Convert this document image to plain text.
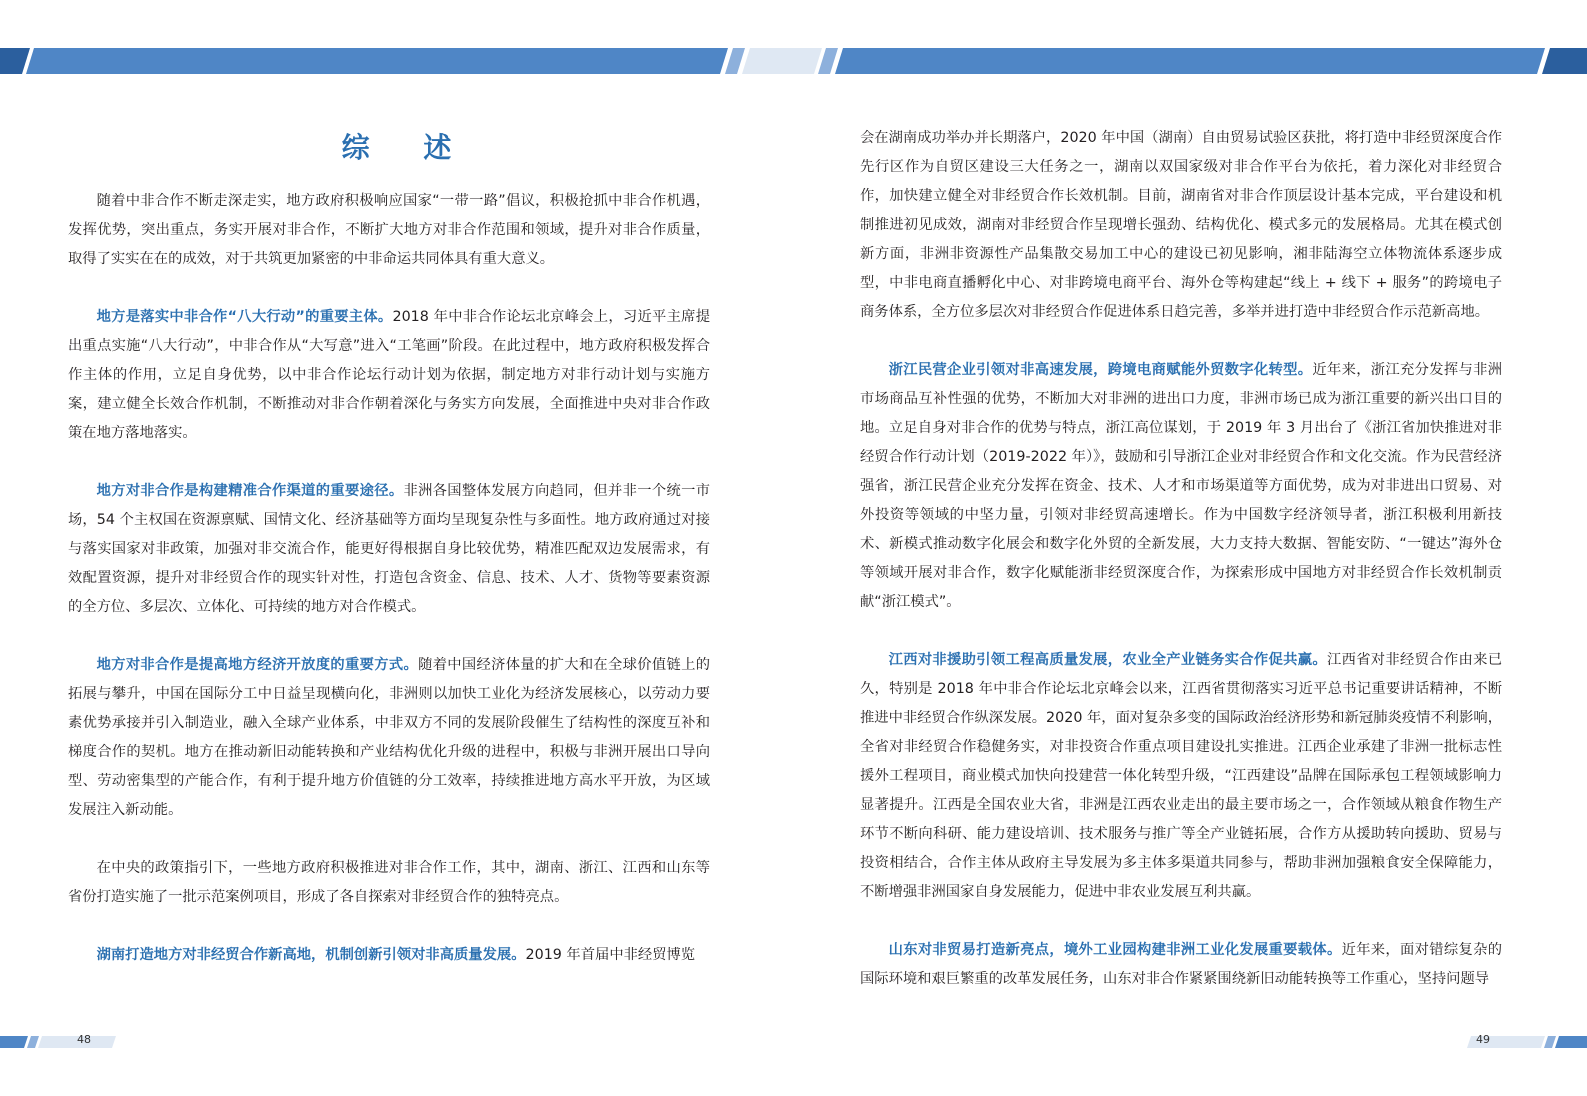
综 述

随着中非合作不断走深走实，地方政府积极响应国家“一带一路”倡议，积极抢抓中非合作机遇，发挥优势，突出重点，务实开展对非合作，不断扩大地方对非合作范围和领域，提升对非合作质量，取得了实实在在的成效，对于共筑更加紧密的中非命运共同体具有重大意义。

地方是落实中非合作“八大行动”的重要主体。2018 年中非合作论坛北京峰会上，习近平主席提出重点实施“八大行动”，中非合作从“大写意”进入“工笔画”阶段。在此过程中，地方政府积极发挥合作主体的作用，立足自身优势，以中非合作论坛行动计划为依据，制定地方对非行动计划与实施方案，建立健全长效合作机制，不断推动对非合作朝着深化与务实方向发展，全面推进中央对非合作政策在地方落地落实。

地方对非合作是构建精准合作渠道的重要途径。非洲各国整体发展方向趋同，但并非一个统一市场，54 个主权国在资源禀赋、国情文化、经济基础等方面均呈现复杂性与多面性。地方政府通过对接与落实国家对非政策，加强对非交流合作，能更好得根据自身比较优势，精准匹配双边发展需求，有效配置资源，提升对非经贸合作的现实针对性，打造包含资金、信息、技术、人才、货物等要素资源的全方位、多层次、立体化、可持续的地方对合作模式。

地方对非合作是提高地方经济开放度的重要方式。随着中国经济体量的扩大和在全球价值链上的拓展与攀升，中国在国际分工中日益呈现横向化，非洲则以加快工业化为经济发展核心，以劳动力要素优势承接并引入制造业，融入全球产业体系，中非双方不同的发展阶段催生了结构性的深度互补和梯度合作的契机。地方在推动新旧动能转换和产业结构优化升级的进程中，积极与非洲开展出口导向型、劳动密集型的产能合作，有利于提升地方价值链的分工效率，持续推进地方高水平开放，为区域发展注入新动能。

在中央的政策指引下，一些地方政府积极推进对非合作工作，其中，湖南、浙江、江西和山东等省份打造实施了一批示范案例项目，形成了各自探索对非经贸合作的独特亮点。

湖南打造地方对非经贸合作新高地，机制创新引领对非高质量发展。2019 年首届中非经贸博览

会在湖南成功举办并长期落户，2020 年中国（湖南）自由贸易试验区获批，将打造中非经贸深度合作先行区作为自贸区建设三大任务之一，湖南以双国家级对非合作平台为依托，着力深化对非经贸合作，加快建立健全对非经贸合作长效机制。目前，湖南省对非合作顶层设计基本完成，平台建设和机制推进初见成效，湖南对非经贸合作呈现增长强劲、结构优化、模式多元的发展格局。尤其在模式创新方面，非洲非资源性产品集散交易加工中心的建设已初见影响，湘非陆海空立体物流体系逐步成型，中非电商直播孵化中心、对非跨境电商平台、海外仓等构建起“线上 + 线下 + 服务”的跨境电子商务体系，全方位多层次对非经贸合作促进体系日趋完善，多举并进打造中非经贸合作示范新高地。

浙江民营企业引领对非高速发展，跨境电商赋能外贸数字化转型。近年来，浙江充分发挥与非洲市场商品互补性强的优势，不断加大对非洲的进出口力度，非洲市场已成为浙江重要的新兴出口目的地。立足自身对非合作的优势与特点，浙江高位谋划，于 2019 年 3 月出台了《浙江省加快推进对非经贸合作行动计划（2019-2022 年）》，鼓励和引导浙江企业对非经贸合作和文化交流。作为民营经济强省，浙江民营企业充分发挥在资金、技术、人才和市场渠道等方面优势，成为对非进出口贸易、对外投资等领域的中坚力量，引领对非经贸高速增长。作为中国数字经济领导者，浙江积极利用新技术、新模式推动数字化展会和数字化外贸的全新发展，大力支持大数据、智能安防、“一键达”海外仓等领域开展对非合作，数字化赋能浙非经贸深度合作，为探索形成中国地方对非经贸合作长效机制贡献“浙江模式”。

江西对非援助引领工程高质量发展，农业全产业链务实合作促共赢。江西省对非经贸合作由来已久，特别是 2018 年中非合作论坛北京峰会以来，江西省贯彻落实习近平总书记重要讲话精神，不断推进中非经贸合作纵深发展。2020 年，面对复杂多变的国际政治经济形势和新冠肺炎疫情不利影响，全省对非经贸合作稳健务实，对非投资合作重点项目建设扎实推进。江西企业承建了非洲一批标志性援外工程项目，商业模式加快向投建营一体化转型升级，“江西建设”品牌在国际承包工程领域影响力显著提升。江西是全国农业大省，非洲是江西农业走出的最主要市场之一，合作领域从粮食作物生产环节不断向科研、能力建设培训、技术服务与推广等全产业链拓展，合作方从援助转向援助、贸易与投资相结合，合作主体从政府主导发展为多主体多渠道共同参与，帮助非洲加强粮食安全保障能力，不断增强非洲国家自身发展能力，促进中非农业发展互利共赢。

山东对非贸易打造新亮点，境外工业园构建非洲工业化发展重要载体。近年来，面对错综复杂的国际环境和艰巨繁重的改革发展任务，山东对非合作紧紧围绕新旧动能转换等工作重心，坚持问题导

48	49
